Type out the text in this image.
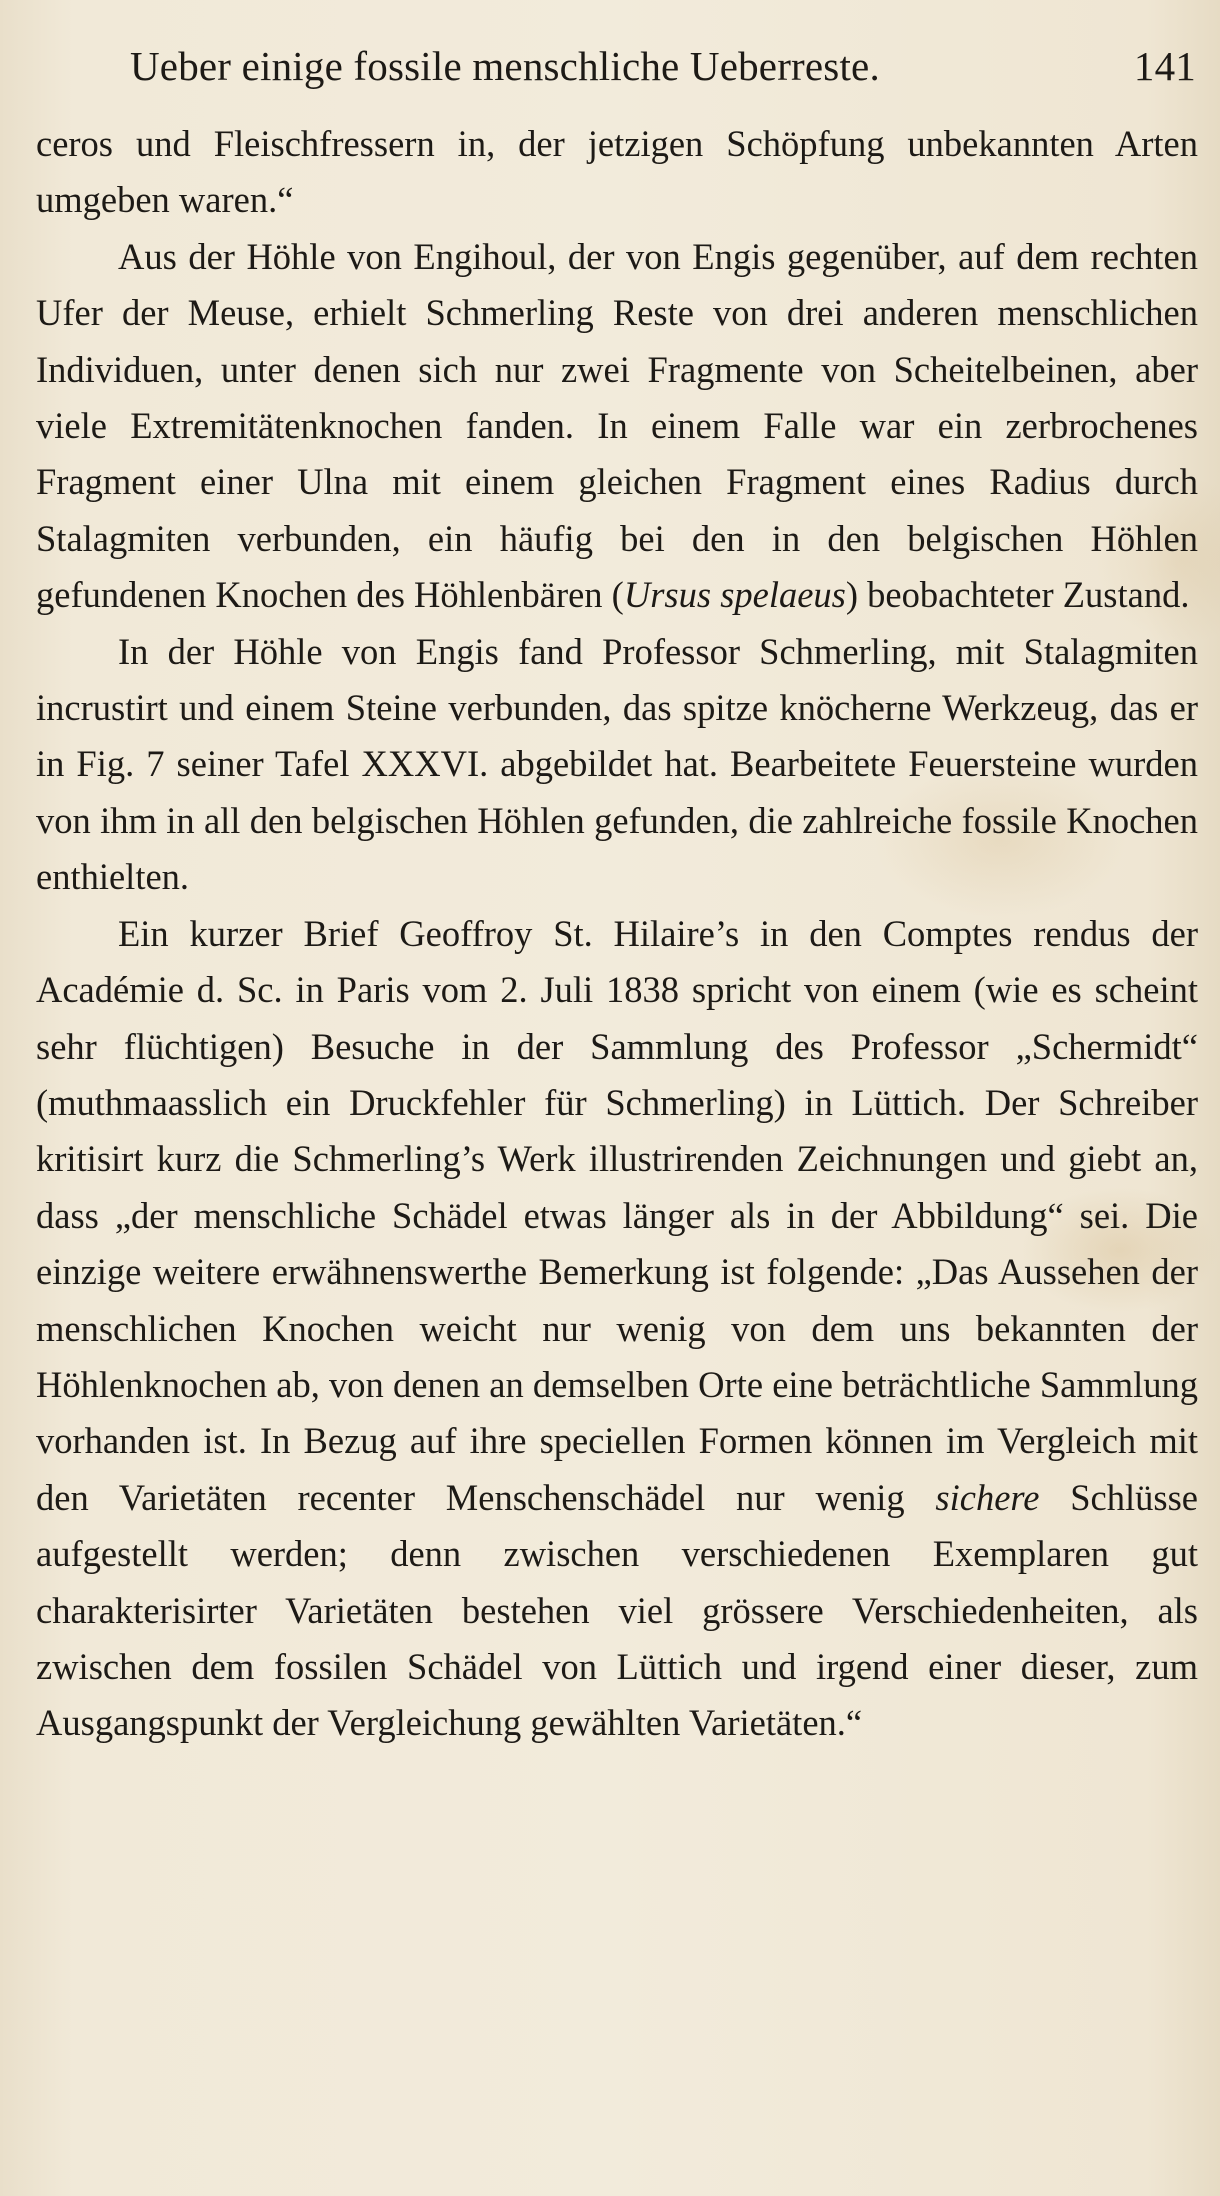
Ueber einige fossile menschliche Ueberreste.	141

ceros und Fleischfressern in, der jetzigen Schöpfung unbekannten Arten umgeben waren.“

Aus der Höhle von Engihoul, der von Engis gegenüber, auf dem rechten Ufer der Meuse, erhielt Schmerling Reste von drei anderen menschlichen Individuen, unter denen sich nur zwei Fragmente von Scheitelbeinen, aber viele Extremitätenknochen fanden. In einem Falle war ein zerbrochenes Fragment einer Ulna mit einem gleichen Fragment eines Radius durch Stalagmiten verbunden, ein häufig bei den in den belgischen Höhlen gefundenen Knochen des Höhlenbären (Ursus spelaeus) beobachteter Zustand.

In der Höhle von Engis fand Professor Schmerling, mit Stalagmiten incrustirt und einem Steine verbunden, das spitze knöcherne Werkzeug, das er in Fig. 7 seiner Tafel XXXVI. abgebildet hat. Bearbeitete Feuersteine wurden von ihm in all den belgischen Höhlen gefunden, die zahlreiche fossile Knochen enthielten.

Ein kurzer Brief Geoffroy St. Hilaire’s in den Comptes rendus der Académie d. Sc. in Paris vom 2. Juli 1838 spricht von einem (wie es scheint sehr flüchtigen) Besuche in der Sammlung des Professor „Schermidt“ (muthmaasslich ein Druckfehler für Schmerling) in Lüttich. Der Schreiber kritisirt kurz die Schmerling’s Werk illustrirenden Zeichnungen und giebt an, dass „der menschliche Schädel etwas länger als in der Abbildung“ sei. Die einzige weitere erwähnenswerthe Bemerkung ist folgende: „Das Aussehen der menschlichen Knochen weicht nur wenig von dem uns bekannten der Höhlenknochen ab, von denen an demselben Orte eine beträchtliche Sammlung vorhanden ist. In Bezug auf ihre speciellen Formen können im Vergleich mit den Varietäten recenter Menschenschädel nur wenig sichere Schlüsse aufgestellt werden; denn zwischen verschiedenen Exemplaren gut charakterisirter Varietäten bestehen viel grössere Verschiedenheiten, als zwischen dem fossilen Schädel von Lüttich und irgend einer dieser, zum Ausgangspunkt der Vergleichung gewählten Varietäten.“
